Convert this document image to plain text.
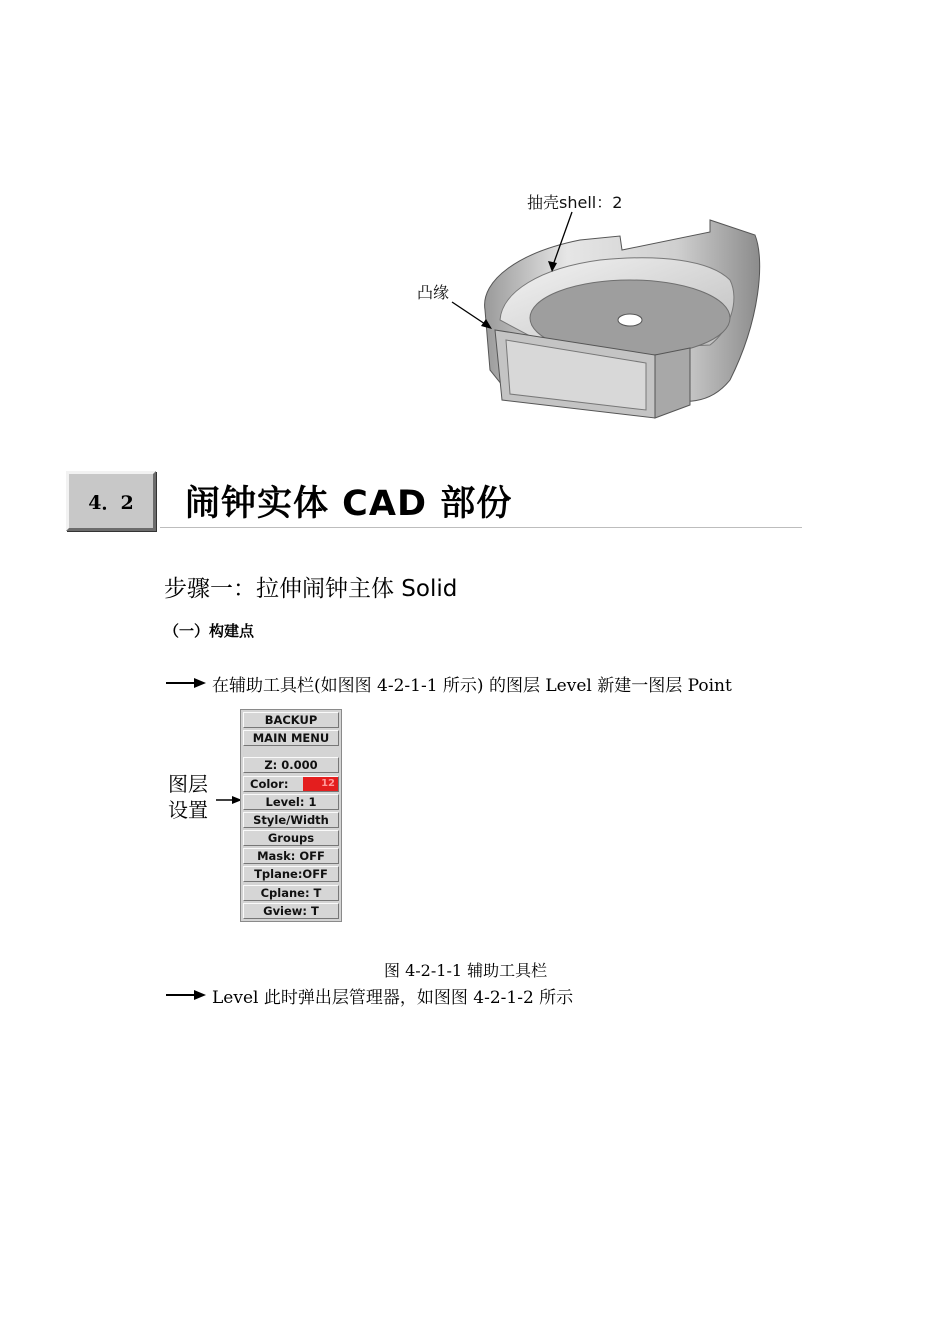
抽壳shell：2
凸缘
4．2 闹钟实体 CAD 部份
步骤一：拉伸闹钟主体 Solid
（一）构建点
在辅助工具栏(如图图 4-2-1-1 所示) 的图层 Level 新建一图层 Point
图层
设置
BACKUP
MAIN MENU
Z: 0.000
Color:	12
Level: 1
Style/Width
Groups
Mask: OFF
Tplane:OFF
Cplane: T
Gview: T
图 4-2-1-1 辅助工具栏
Level 此时弹出层管理器，如图图 4-2-1-2 所示
